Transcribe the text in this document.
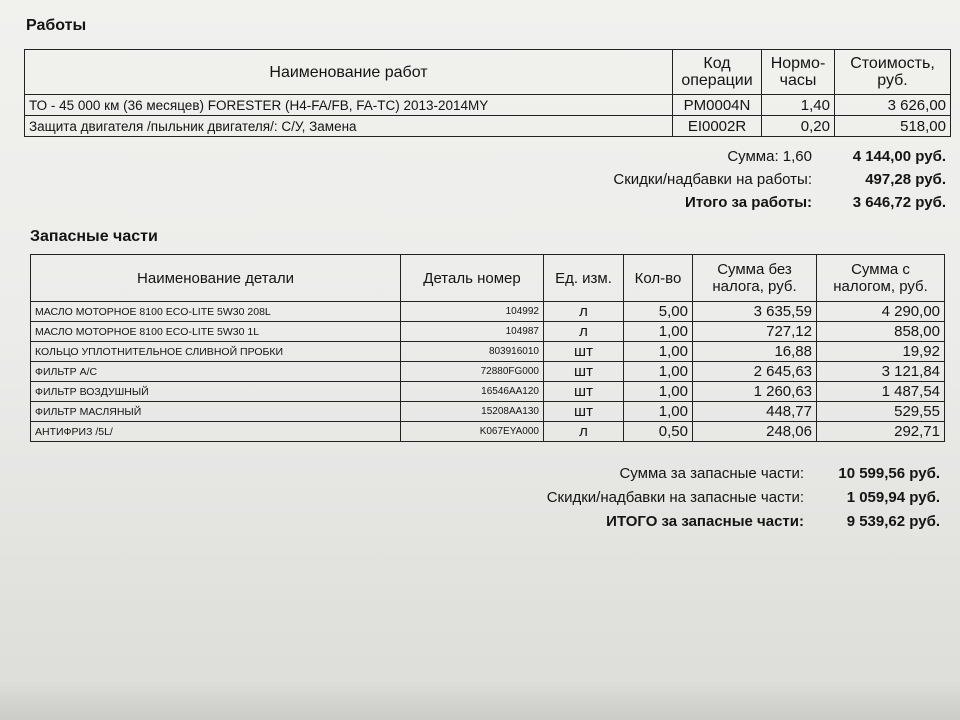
Работы
Наименование работ	Код операции	Нормо-часы	Стоимость, руб.
ТО - 45 000 км (36 месяцев) FORESTER (H4-FA/FB, FA-TC) 2013-2014MY	PM0004N	1,40	3 626,00
Защита двигателя /пыльник двигателя/: С/У, Замена	EI0002R	0,20	518,00
Сумма: 1,60	4 144,00 руб.
Скидки/надбавки на работы:	497,28 руб.
Итого за работы:	3 646,72 руб.
Запасные части
Наименование детали	Деталь номер	Ед. изм.	Кол-во	Сумма без налога, руб.	Сумма с налогом, руб.
МАСЛО МОТОРНОЕ 8100 ECO-LITE 5W30 208L	104992	л	5,00	3 635,59	4 290,00
МАСЛО МОТОРНОЕ 8100 ECO-LITE 5W30 1L	104987	л	1,00	727,12	858,00
КОЛЬЦО УПЛОТНИТЕЛЬНОЕ СЛИВНОЙ ПРОБКИ	803916010	шт	1,00	16,88	19,92
ФИЛЬТР А/С	72880FG000	шт	1,00	2 645,63	3 121,84
ФИЛЬТР ВОЗДУШНЫЙ	16546AA120	шт	1,00	1 260,63	1 487,54
ФИЛЬТР МАСЛЯНЫЙ	15208AA130	шт	1,00	448,77	529,55
АНТИФРИЗ /5L/	K067EYA000	л	0,50	248,06	292,71
Сумма за запасные части:	10 599,56 руб.
Скидки/надбавки на запасные части:	1 059,94 руб.
ИТОГО за запасные части:	9 539,62 руб.
